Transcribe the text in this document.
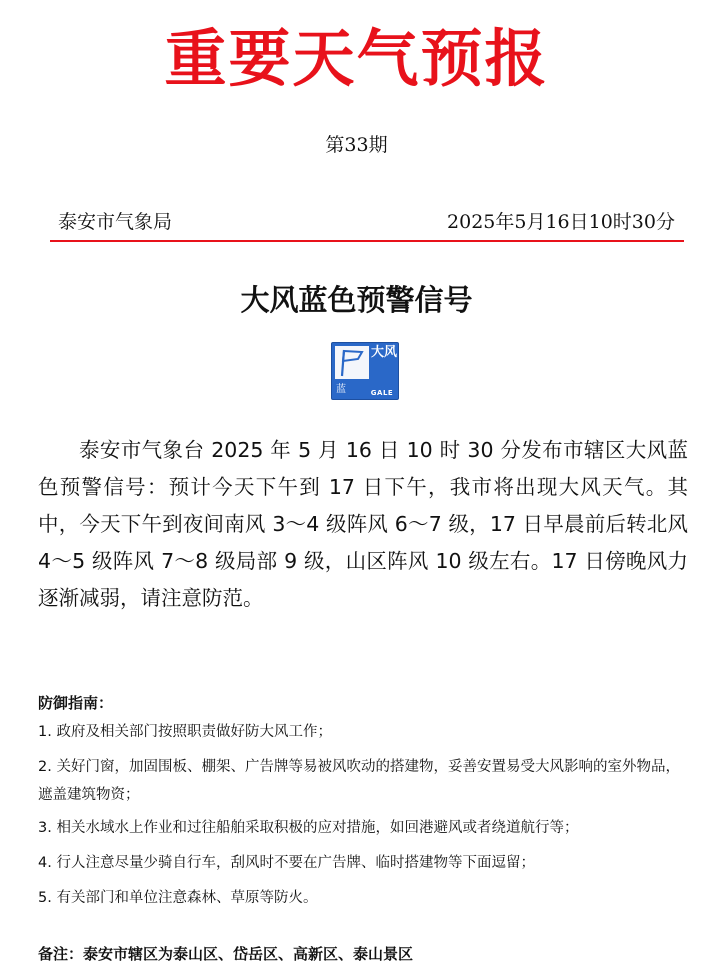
重要天气预报
第33期
泰安市气象局	2025年5月16日10时30分
大风蓝色预警信号
蓝
大风
GALE

泰安市气象台 2025 年 5 月 16 日 10 时 30 分发布市辖区大风蓝色预警信号：预计今天下午到 17 日下午，我市将出现大风天气。其中，今天下午到夜间南风 3～4 级阵风 6～7 级，17 日早晨前后转北风 4～5 级阵风 7～8 级局部 9 级，山区阵风 10 级左右。17 日傍晚风力逐渐减弱，请注意防范。

防御指南：
1. 政府及相关部门按照职责做好防大风工作；
2. 关好门窗，加固围板、棚架、广告牌等易被风吹动的搭建物，妥善安置易受大风影响的室外物品，遮盖建筑物资；
3. 相关水域水上作业和过往船舶采取积极的应对措施，如回港避风或者绕道航行等；
4. 行人注意尽量少骑自行车，刮风时不要在广告牌、临时搭建物等下面逗留；
5. 有关部门和单位注意森林、草原等防火。
备注：泰安市辖区为泰山区、岱岳区、高新区、泰山景区
